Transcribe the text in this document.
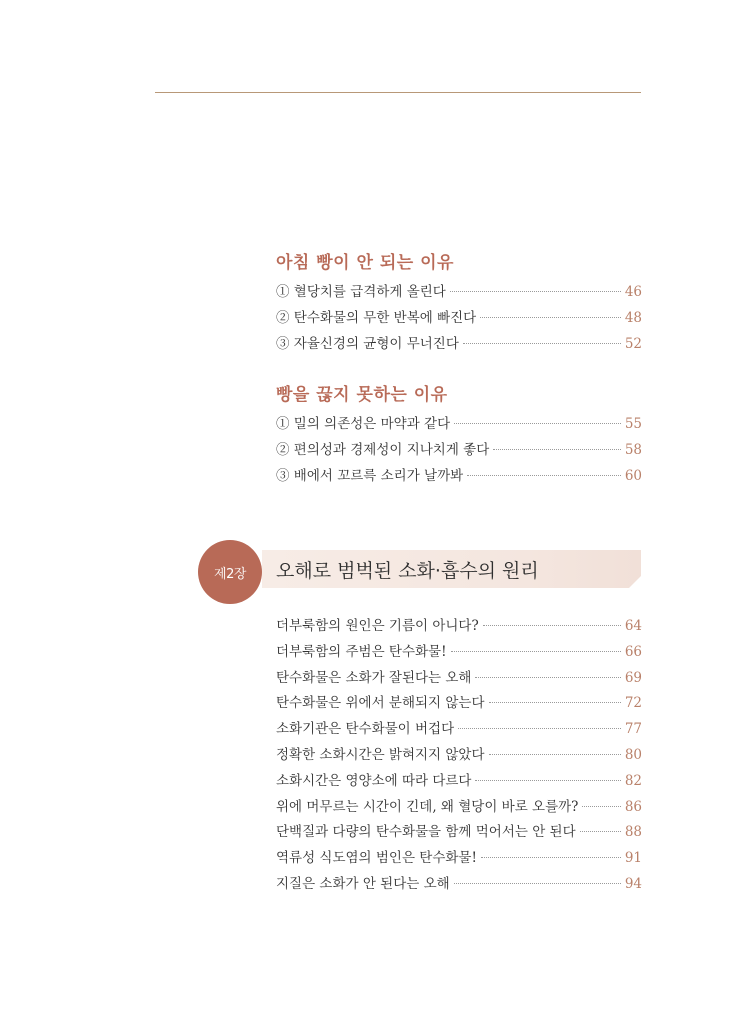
아침 빵이 안 되는 이유
① 혈당치를 급격하게 올린다	46
② 탄수화물의 무한 반복에 빠진다	48
③ 자율신경의 균형이 무너진다	52
빵을 끊지 못하는 이유
① 밀의 의존성은 마약과 같다	55
② 편의성과 경제성이 지나치게 좋다	58
③ 배에서 꼬르륵 소리가 날까봐	60
제2장	오해로 범벅된 소화·흡수의 원리
더부룩함의 원인은 기름이 아니다?	64
더부룩함의 주범은 탄수화물!	66
탄수화물은 소화가 잘된다는 오해	69
탄수화물은 위에서 분해되지 않는다	72
소화기관은 탄수화물이 버겁다	77
정확한 소화시간은 밝혀지지 않았다	80
소화시간은 영양소에 따라 다르다	82
위에 머무르는 시간이 긴데, 왜 혈당이 바로 오를까?	86
단백질과 다량의 탄수화물을 함께 먹어서는 안 된다	88
역류성 식도염의 범인은 탄수화물!	91
지질은 소화가 안 된다는 오해	94
